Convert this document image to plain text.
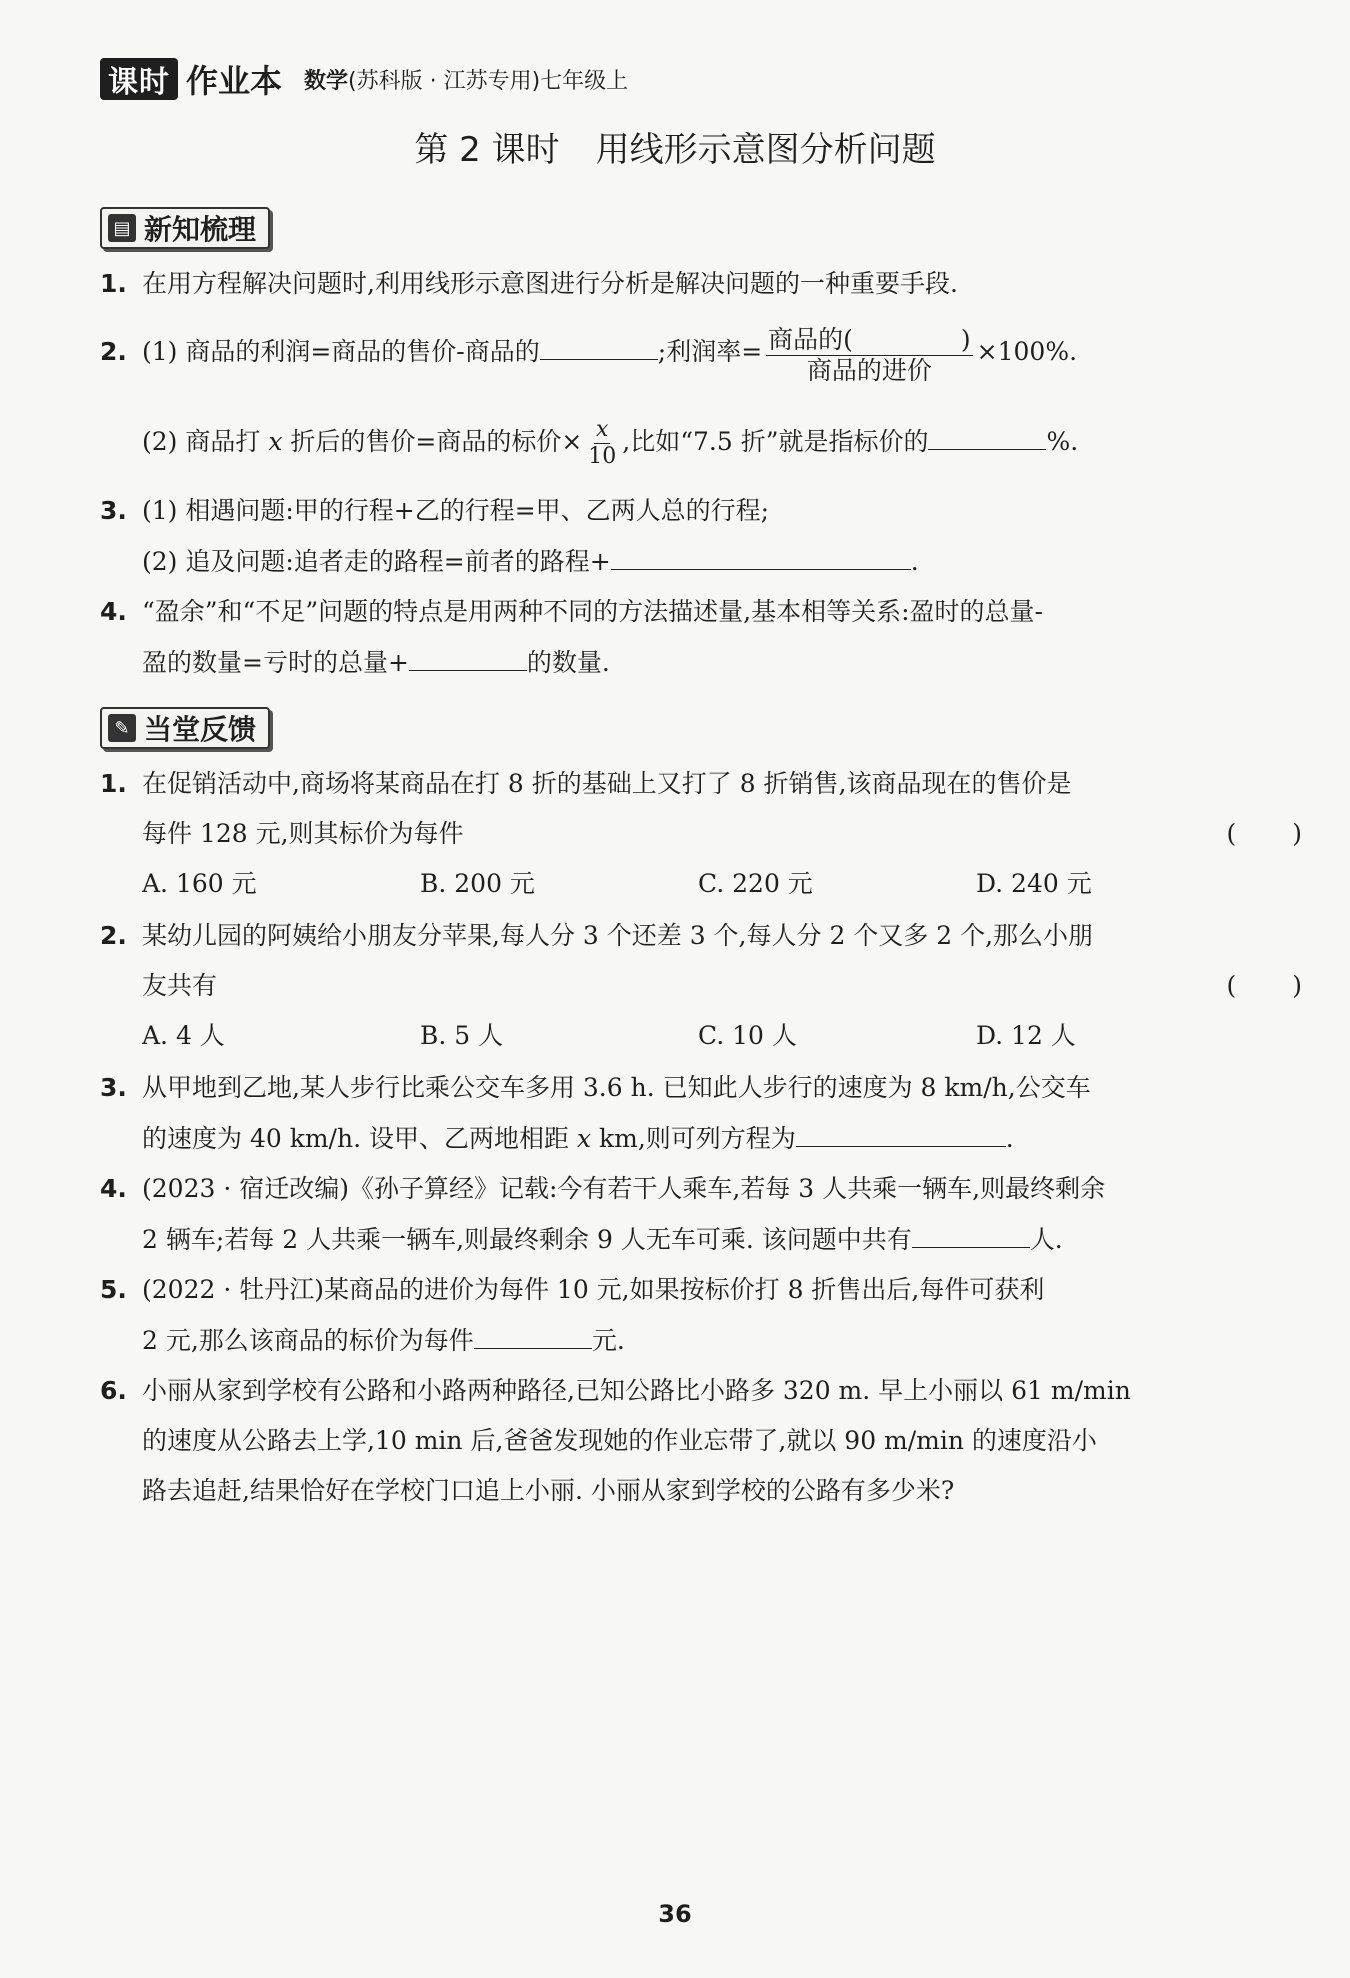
课时 作业本 数学(苏科版 · 江苏专用)七年级上
第 2 课时 用线形示意图分析问题
▤ 新知梳理
1. 在用方程解决问题时,利用线形示意图进行分析是解决问题的一种重要手段.
2. (1) 商品的利润=商品的售价-商品的	;利润率= 商品的(	)
商品的进价 ×100%.
(2) 商品打 x 折后的售价=商品的标价× $\frac{x}{10}$ ,比如“7.5 折”就是指标价的	%.
3. (1) 相遇问题:甲的行程+乙的行程=甲、乙两人总的行程;
(2) 追及问题:追者走的路程=前者的路程+	.
4. “盈余”和“不足”问题的特点是用两种不同的方法描述量,基本相等关系:盈时的总量-
盈的数量=亏时的总量+	的数量.
✎ 当堂反馈
1. 在促销活动中,商场将某商品在打 8 折的基础上又打了 8 折销售,该商品现在的售价是
每件 128 元,则其标价为每件	( )
A. 160 元	B. 200 元	C. 220 元	D. 240 元
2. 某幼儿园的阿姨给小朋友分苹果,每人分 3 个还差 3 个,每人分 2 个又多 2 个,那么小朋
友共有	( )
A. 4 人	B. 5 人	C. 10 人	D. 12 人
3. 从甲地到乙地,某人步行比乘公交车多用 3.6 h. 已知此人步行的速度为 8 km/h,公交车
的速度为 40 km/h. 设甲、乙两地相距 x km,则可列方程为	.
4. (2023 · 宿迁改编)《孙子算经》记载:今有若干人乘车,若每 3 人共乘一辆车,则最终剩余
2 辆车;若每 2 人共乘一辆车,则最终剩余 9 人无车可乘. 该问题中共有	人.
5. (2022 · 牡丹江)某商品的进价为每件 10 元,如果按标价打 8 折售出后,每件可获利
2 元,那么该商品的标价为每件	元.
6. 小丽从家到学校有公路和小路两种路径,已知公路比小路多 320 m. 早上小丽以 61 m/min
的速度从公路去上学,10 min 后,爸爸发现她的作业忘带了,就以 90 m/min 的速度沿小
路去追赶,结果恰好在学校门口追上小丽. 小丽从家到学校的公路有多少米?
36
